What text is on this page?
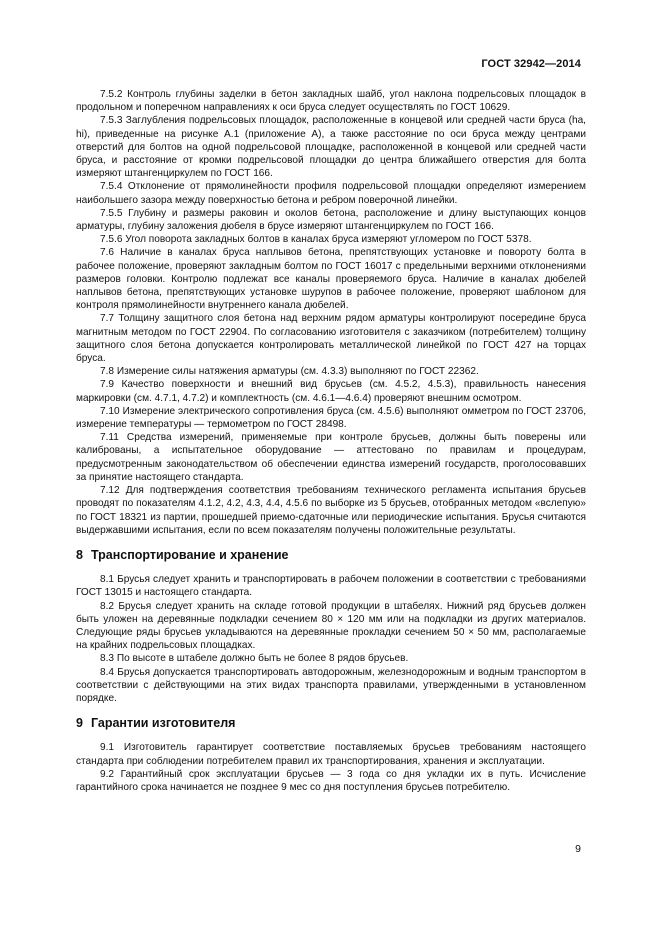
ГОСТ 32942—2014

7.5.2 Контроль глубины заделки в бетон закладных шайб, угол наклона подрельсовых площадок в продольном и поперечном направлениях к оси бруса следует осуществлять по ГОСТ 10629.

7.5.3 Заглубления подрельсовых площадок, расположенные в концевой или средней части бруса (hа, hi), приведенные на рисунке А.1 (приложение А), а также расстояние по оси бруса между центрами отверстий для болтов на одной подрельсовой площадке, расположенной в концевой или средней части бруса, и расстояние от кромки подрельсовой площадки до центра ближайшего отверстия для болта измеряют штангенциркулем по ГОСТ 166.

7.5.4 Отклонение от прямолинейности профиля подрельсовой площадки определяют измерением наибольшего зазора между поверхностью бетона и ребром поверочной линейки.

7.5.5 Глубину и размеры раковин и околов бетона, расположение и длину выступающих концов арматуры, глубину заложения дюбеля в брусе измеряют штангенциркулем по ГОСТ 166.

7.5.6 Угол поворота закладных болтов в каналах бруса измеряют угломером по ГОСТ 5378.

7.6 Наличие в каналах бруса наплывов бетона, препятствующих установке и повороту болта в рабочее положение, проверяют закладным болтом по ГОСТ 16017 с предельными верхними отклонениями размеров головки. Контролю подлежат все каналы проверяемого бруса. Наличие в каналах дюбелей наплывов бетона, препятствующих установке шурупов в рабочее положение, проверяют шаблоном для контроля прямолинейности внутреннего канала дюбелей.

7.7 Толщину защитного слоя бетона над верхним рядом арматуры контролируют посередине бруса магнитным методом по ГОСТ 22904. По согласованию изготовителя с заказчиком (потребителем) толщину защитного слоя бетона допускается контролировать металлической линейкой по ГОСТ 427 на торцах бруса.

7.8 Измерение силы натяжения арматуры (см. 4.3.3) выполняют по ГОСТ 22362.

7.9 Качество поверхности и внешний вид брусьев (см. 4.5.2, 4.5.3), правильность нанесения маркировки (см. 4.7.1, 4.7.2) и комплектность (см. 4.6.1—4.6.4) проверяют внешним осмотром.

7.10 Измерение электрического сопротивления бруса (см. 4.5.6) выполняют омметром по ГОСТ 23706, измерение температуры — термометром по ГОСТ 28498.

7.11 Средства измерений, применяемые при контроле брусьев, должны быть поверены или калиброваны, а испытательное оборудование — аттестовано по правилам и процедурам, предусмотренным законодательством об обеспечении единства измерений государств, проголосовавших за принятие настоящего стандарта.

7.12 Для подтверждения соответствия требованиям технического регламента испытания брусьев проводят по показателям 4.1.2, 4.2, 4.3, 4.4, 4.5.6 по выборке из 5 брусьев, отобранных методом «вслепую» по ГОСТ 18321 из партии, прошедшей приемо-сдаточные или периодические испытания. Брусья считаются выдержавшими испытания, если по всем показателям получены положительные результаты.

8 Транспортирование и хранение

8.1 Брусья следует хранить и транспортировать в рабочем положении в соответствии с требованиями ГОСТ 13015 и настоящего стандарта.

8.2 Брусья следует хранить на складе готовой продукции в штабелях. Нижний ряд брусьев должен быть уложен на деревянные подкладки сечением 80 × 120 мм или на подкладки из других материалов. Следующие ряды брусьев укладываются на деревянные прокладки сечением 50 × 50 мм, располагаемые на крайних подрельсовых площадках.

8.3 По высоте в штабеле должно быть не более 8 рядов брусьев.

8.4 Брусья допускается транспортировать автодорожным, железнодорожным и водным транспортом в соответствии с действующими на этих видах транспорта правилами, утвержденными в установленном порядке.

9 Гарантии изготовителя

9.1 Изготовитель гарантирует соответствие поставляемых брусьев требованиям настоящего стандарта при соблюдении потребителем правил их транспортирования, хранения и эксплуатации.

9.2 Гарантийный срок эксплуатации брусьев — 3 года со дня укладки их в путь. Исчисление гарантийного срока начинается не позднее 9 мес со дня поступления брусьев потребителю.

9
